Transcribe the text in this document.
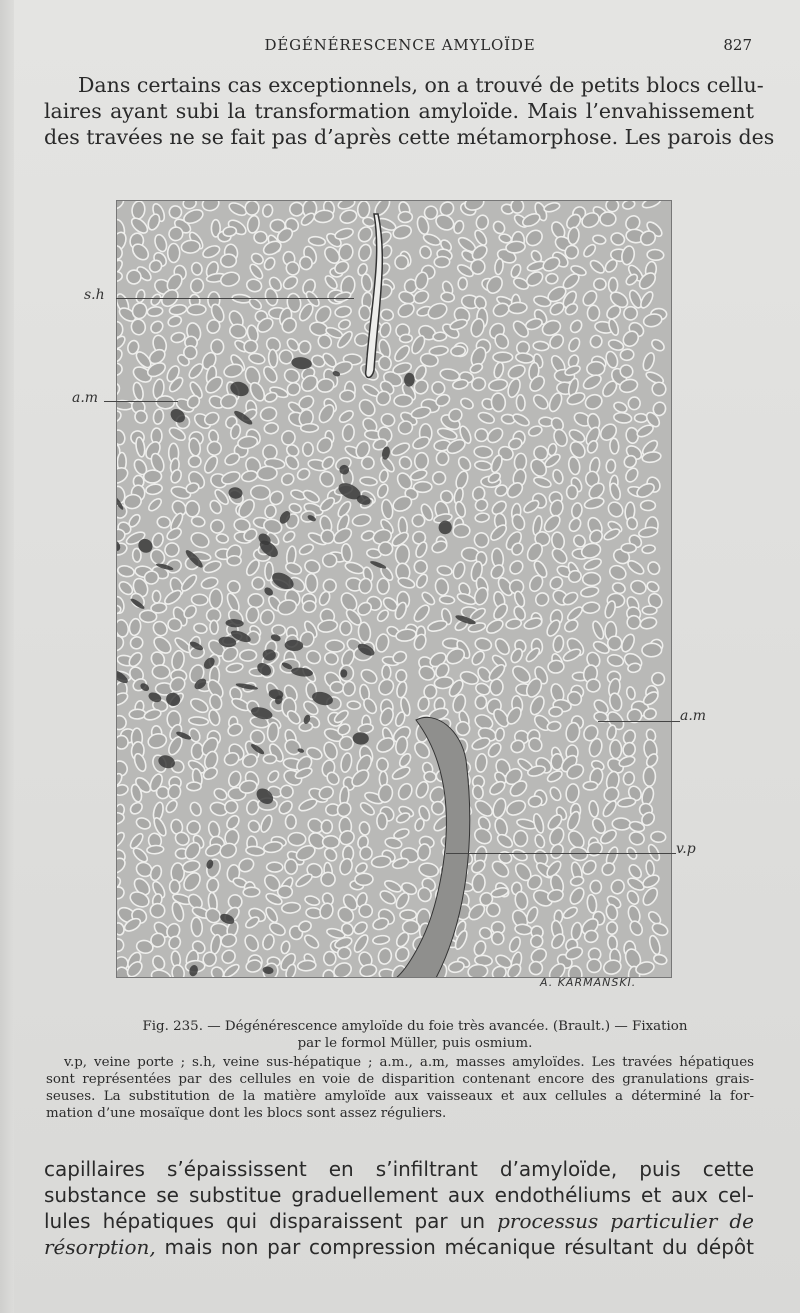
DÉGÉNÉRESCENCE AMYLOÏDE	827

Dans certains cas exceptionnels, on a trouvé de petits blocs cellu-
laires ayant subi la transformation amyloïde. Mais l’envahissement
des travées ne se fait pas d’après cette métamorphose. Les parois des

s.h
a.m
a.m
v.p
A. KARMANSKI.
Fig. 235. — Dégénérescence amyloïde du foie très avancée. (Brault.) — Fixation
par le formol Müller, puis osmium.
v.p, veine porte ; s.h, veine sus-hépatique ; a.m., a.m, masses amyloïdes. Les travées hépatiques
sont représentées par des cellules en voie de disparition contenant encore des granulations grais-
seuses. La substitution de la matière amyloïde aux vaisseaux et aux cellules a déterminé la for-
mation d’une mosaïque dont les blocs sont assez réguliers.

capillaires s’épaississent en s’infiltrant d’amyloïde, puis cette
substance se substitue graduellement aux endothéliums et aux cel-
lules hépatiques qui disparaissent par un processus particulier de
résorption, mais non par compression mécanique résultant du dépôt
